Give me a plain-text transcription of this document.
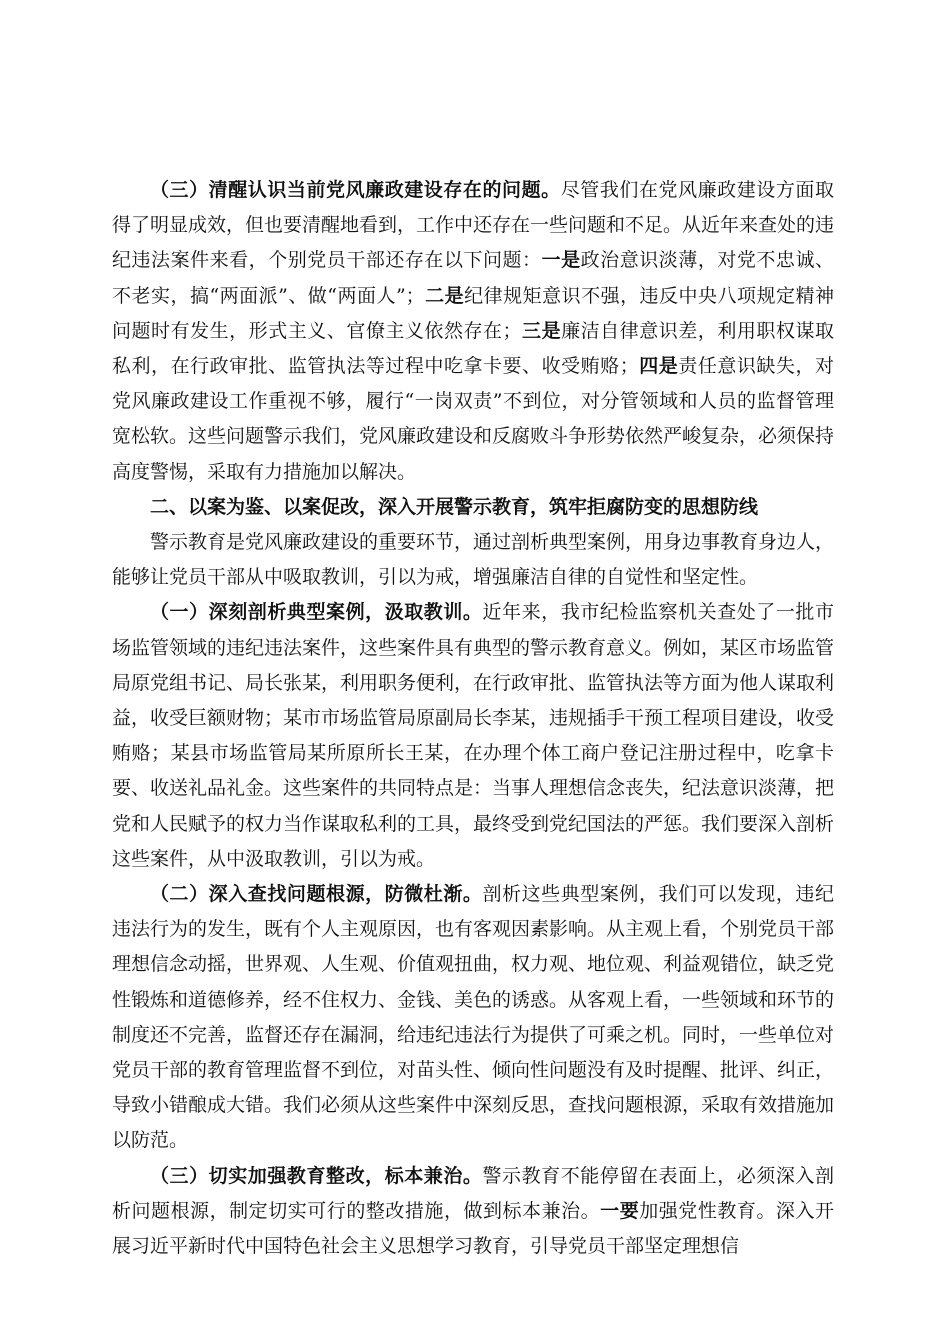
（三）清醒认识当前党风廉政建设存在的问题。尽管我们在党风廉政建设方面取得了明显成效，但也要清醒地看到，工作中还存在一些问题和不足。从近年来查处的违纪违法案件来看，个别党员干部还存在以下问题：一是政治意识淡薄，对党不忠诚、不老实，搞“两面派”、做“两面人”；二是纪律规矩意识不强，违反中央八项规定精神问题时有发生，形式主义、官僚主义依然存在；三是廉洁自律意识差，利用职权谋取私利，在行政审批、监管执法等过程中吃拿卡要、收受贿赂；四是责任意识缺失，对党风廉政建设工作重视不够，履行“一岗双责”不到位，对分管领域和人员的监督管理宽松软。这些问题警示我们，党风廉政建设和反腐败斗争形势依然严峻复杂，必须保持高度警惕，采取有力措施加以解决。

二、以案为鉴、以案促改，深入开展警示教育，筑牢拒腐防变的思想防线

警示教育是党风廉政建设的重要环节，通过剖析典型案例，用身边事教育身边人，能够让党员干部从中吸取教训，引以为戒，增强廉洁自律的自觉性和坚定性。

（一）深刻剖析典型案例，汲取教训。近年来，我市纪检监察机关查处了一批市场监管领域的违纪违法案件，这些案件具有典型的警示教育意义。例如，某区市场监管局原党组书记、局长张某，利用职务便利，在行政审批、监管执法等方面为他人谋取利益，收受巨额财物；某市市场监管局原副局长李某，违规插手干预工程项目建设，收受贿赂；某县市场监管局某所原所长王某，在办理个体工商户登记注册过程中，吃拿卡要、收送礼品礼金。这些案件的共同特点是：当事人理想信念丧失，纪法意识淡薄，把党和人民赋予的权力当作谋取私利的工具，最终受到党纪国法的严惩。我们要深入剖析这些案件，从中汲取教训，引以为戒。

（二）深入查找问题根源，防微杜渐。剖析这些典型案例，我们可以发现，违纪违法行为的发生，既有个人主观原因，也有客观因素影响。从主观上看，个别党员干部理想信念动摇，世界观、人生观、价值观扭曲，权力观、地位观、利益观错位，缺乏党性锻炼和道德修养，经不住权力、金钱、美色的诱惑。从客观上看，一些领域和环节的制度还不完善，监督还存在漏洞，给违纪违法行为提供了可乘之机。同时，一些单位对党员干部的教育管理监督不到位，对苗头性、倾向性问题没有及时提醒、批评、纠正，导致小错酿成大错。我们必须从这些案件中深刻反思，查找问题根源，采取有效措施加以防范。

（三）切实加强教育整改，标本兼治。警示教育不能停留在表面上，必须深入剖析问题根源，制定切实可行的整改措施，做到标本兼治。一要加强党性教育。深入开展习近平新时代中国特色社会主义思想学习教育，引导党员干部坚定理想信
